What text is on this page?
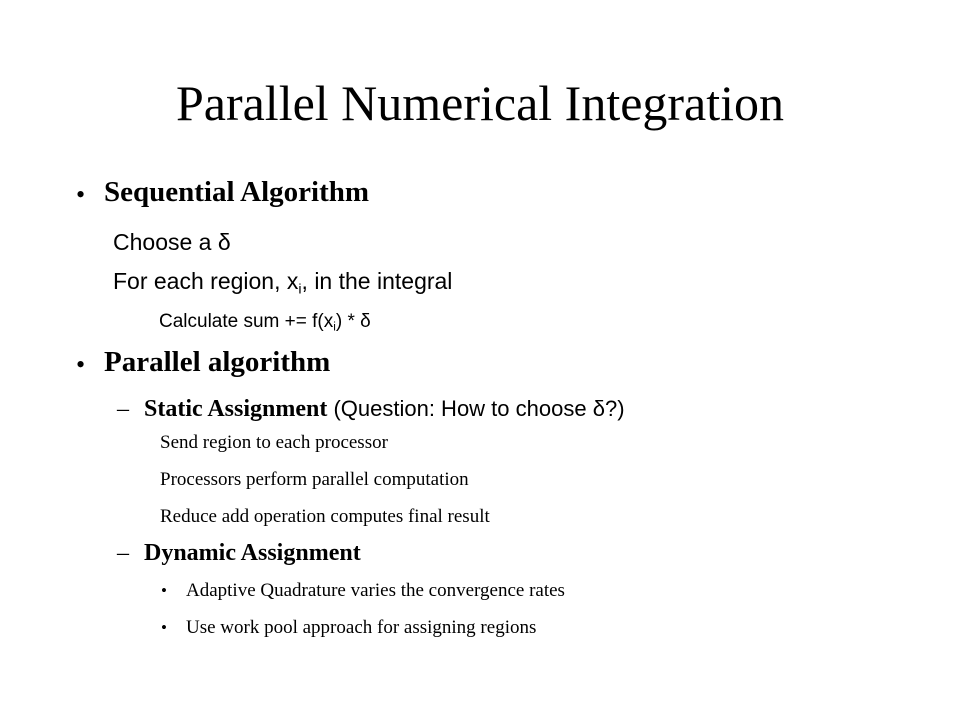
Parallel Numerical Integration
• Sequential Algorithm
Choose a δ
For each region, $x_i$, in the integral
Calculate sum += $f(x_i)$ * δ
• Parallel algorithm
– Static Assignment (Question: How to choose δ?)
Send region to each processor
Processors perform parallel computation
Reduce add operation computes final result
– Dynamic Assignment
• Adaptive Quadrature varies the convergence rates
• Use work pool approach for assigning regions
